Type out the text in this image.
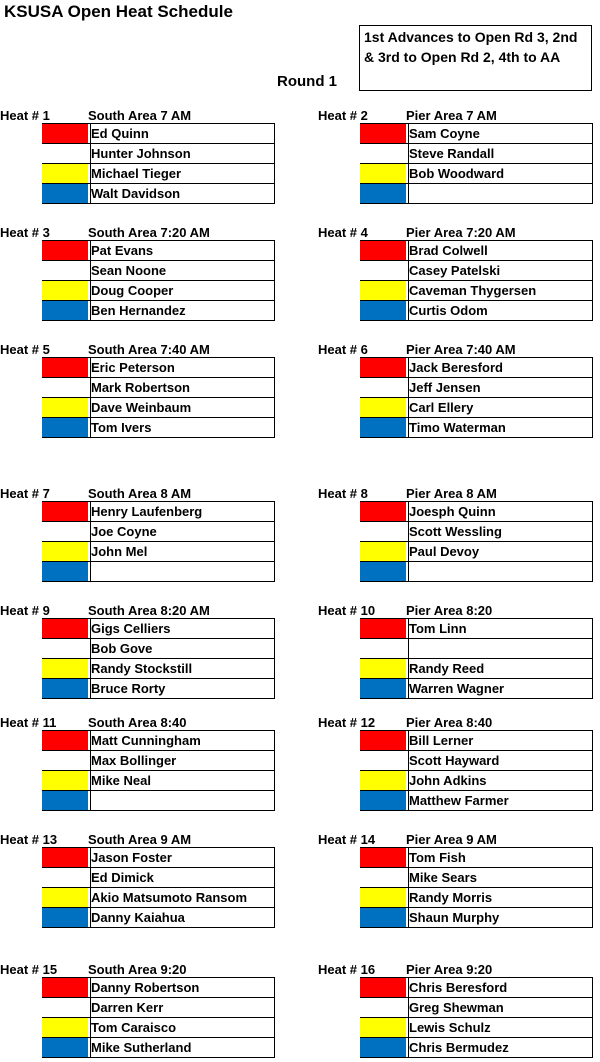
KSUSA Open Heat Schedule
1st Advances to Open Rd 3, 2nd & 3rd to Open Rd 2, 4th to AA
Round 1
Heat # 1	South Area 7 AM
Ed Quinn
Hunter Johnson
Michael Tieger
Walt Davidson
Heat # 2	Pier Area 7 AM
Sam Coyne
Steve Randall
Bob Woodward
Heat # 3	South Area 7:20 AM
Pat Evans
Sean Noone
Doug Cooper
Ben Hernandez
Heat # 4	Pier Area 7:20 AM
Brad Colwell
Casey Patelski
Caveman Thygersen
Curtis Odom
Heat # 5	South Area 7:40 AM
Eric Peterson
Mark Robertson
Dave Weinbaum
Tom Ivers
Heat # 6	Pier Area 7:40 AM
Jack Beresford
Jeff Jensen
Carl Ellery
Timo Waterman
Heat # 7	South Area 8 AM
Henry Laufenberg
Joe Coyne
John Mel
Heat # 8	Pier Area 8 AM
Joesph Quinn
Scott Wessling
Paul Devoy
Heat # 9	South Area 8:20 AM
Gigs Celliers
Bob Gove
Randy Stockstill
Bruce Rorty
Heat # 10 Pier Area 8:20
Tom Linn
Randy Reed
Warren Wagner
Heat # 11 South Area 8:40
Matt Cunningham
Max Bollinger
Mike Neal
Heat # 12 Pier Area 8:40
Bill Lerner
Scott Hayward
John Adkins
Matthew Farmer
Heat # 13 South Area 9 AM
Jason Foster
Ed Dimick
Akio Matsumoto Ransom
Danny Kaiahua
Heat # 14 Pier Area 9 AM
Tom Fish
Mike Sears
Randy Morris
Shaun Murphy
Heat # 15 South Area 9:20
Danny Robertson
Darren Kerr
Tom Caraisco
Mike Sutherland
Heat # 16 Pier Area 9:20
Chris Beresford
Greg Shewman
Lewis Schulz
Chris Bermudez
